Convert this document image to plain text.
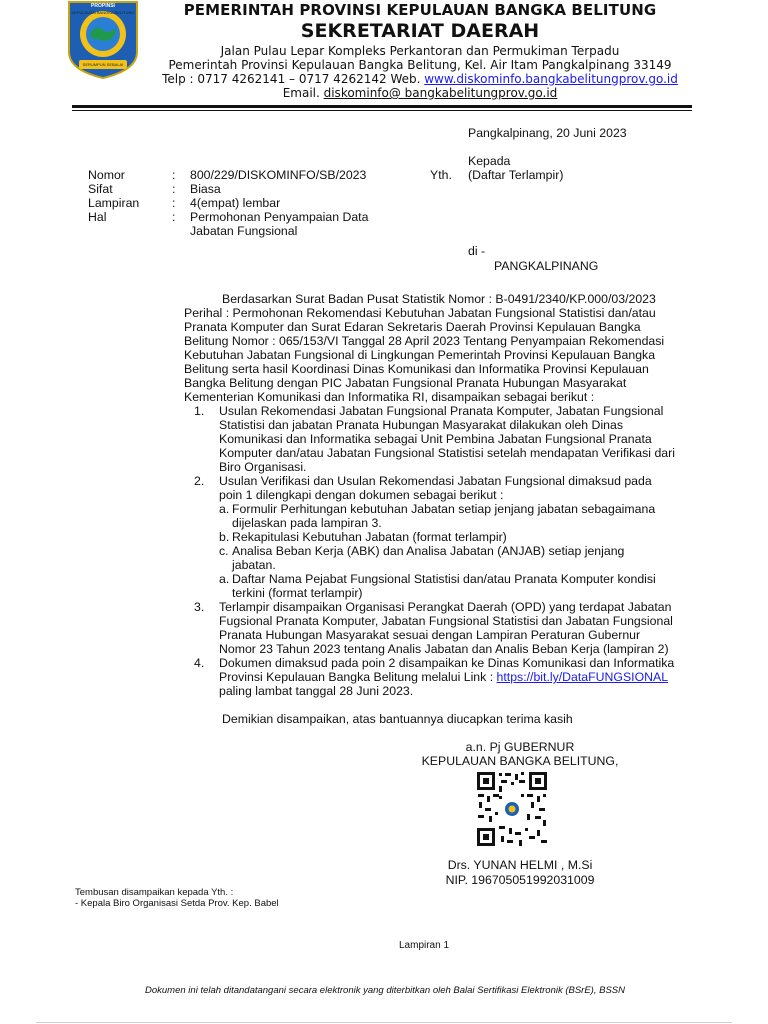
PROPINSI
KEPULAUAN BANGKA BELITUNG
SERUMPUN SEBALAI
PEMERINTAH PROVINSI KEPULAUAN BANGKA BELITUNG
SEKRETARIAT DAERAH
Jalan Pulau Lepar Kompleks Perkantoran dan Permukiman Terpadu
Pemerintah Provinsi Kepulauan Bangka Belitung, Kel. Air Itam Pangkalpinang 33149
Telp : 0717 4262141 – 0717 4262142 Web. www.diskominfo.bangkabelitungprov.go.id
Email. diskominfo@ bangkabelitungprov.go.id
Pangkalpinang, 20 Juni 2023
Kepada
Yth. (Daftar Terlampir)
di -
PANGKALPINANG
Nomor	: 800/229/DISKOMINFO/SB/2023
Sifat	: Biasa
Lampiran	: 4(empat) lembar
Hal	: Permohonan Penyampaian Data
Jabatan Fungsional
Berdasarkan Surat Badan Pusat Statistik Nomor : B-0491/2340/KP.000/03/2023
Perihal : Permohonan Rekomendasi Kebutuhan Jabatan Fungsional Statistisi dan/atau
Pranata Komputer dan Surat Edaran Sekretaris Daerah Provinsi Kepulauan Bangka
Belitung Nomor : 065/153/VI Tanggal 28 April 2023 Tentang Penyampaian Rekomendasi
Kebutuhan Jabatan Fungsional di Lingkungan Pemerintah Provinsi Kepulauan Bangka
Belitung serta hasil Koordinasi Dinas Komunikasi dan Informatika Provinsi Kepulauan
Bangka Belitung dengan PIC Jabatan Fungsional Pranata Hubungan Masyarakat
Kementerian Komunikasi dan Informatika RI, disampaikan sebagai berikut :
1. Usulan Rekomendasi Jabatan Fungsional Pranata Komputer, Jabatan Fungsional
Statistisi dan jabatan Pranata Hubungan Masyarakat dilakukan oleh Dinas
Komunikasi dan Informatika sebagai Unit Pembina Jabatan Fungsional Pranata
Komputer dan/atau Jabatan Fungsional Statistisi setelah mendapatan Verifikasi dari
Biro Organisasi.
2. Usulan Verifikasi dan Usulan Rekomendasi Jabatan Fungsional dimaksud pada
poin 1 dilengkapi dengan dokumen sebagai berikut :
a. Formulir Perhitungan kebutuhan Jabatan setiap jenjang jabatan sebagaimana
dijelaskan pada lampiran 3.
b. Rekapitulasi Kebutuhan Jabatan (format terlampir)
c. Analisa Beban Kerja (ABK) dan Analisa Jabatan (ANJAB) setiap jenjang
jabatan.
a. Daftar Nama Pejabat Fungsional Statistisi dan/atau Pranata Komputer kondisi
terkini (format terlampir)
3. Terlampir disampaikan Organisasi Perangkat Daerah (OPD) yang terdapat Jabatan
Fugsional Pranata Komputer, Jabatan Fungsional Statistisi dan Jabatan Fungsional
Pranata Hubungan Masyarakat sesuai dengan Lampiran Peraturan Gubernur
Nomor 23 Tahun 2023 tentang Analis Jabatan dan Analis Beban Kerja (lampiran 2)
4. Dokumen dimaksud pada poin 2 disampaikan ke Dinas Komunikasi dan Informatika
Provinsi Kepulauan Bangka Belitung melalui Link : https://bit.ly/DataFUNGSIONAL
paling lambat tanggal 28 Juni 2023.
Demikian disampaikan, atas bantuannya diucapkan terima kasih
a.n. Pj GUBERNUR
KEPULAUAN BANGKA BELITUNG,
Drs. YUNAN HELMI , M.Si
NIP. 196705051992031009
Tembusan disampaikan kepada Yth. :
- Kepala Biro Organisasi Setda Prov. Kep. Babel
Lampiran 1
Dokumen ini telah ditandatangani secara elektronik yang diterbitkan oleh Balai Sertifikasi Elektronik (BSrE), BSSN
